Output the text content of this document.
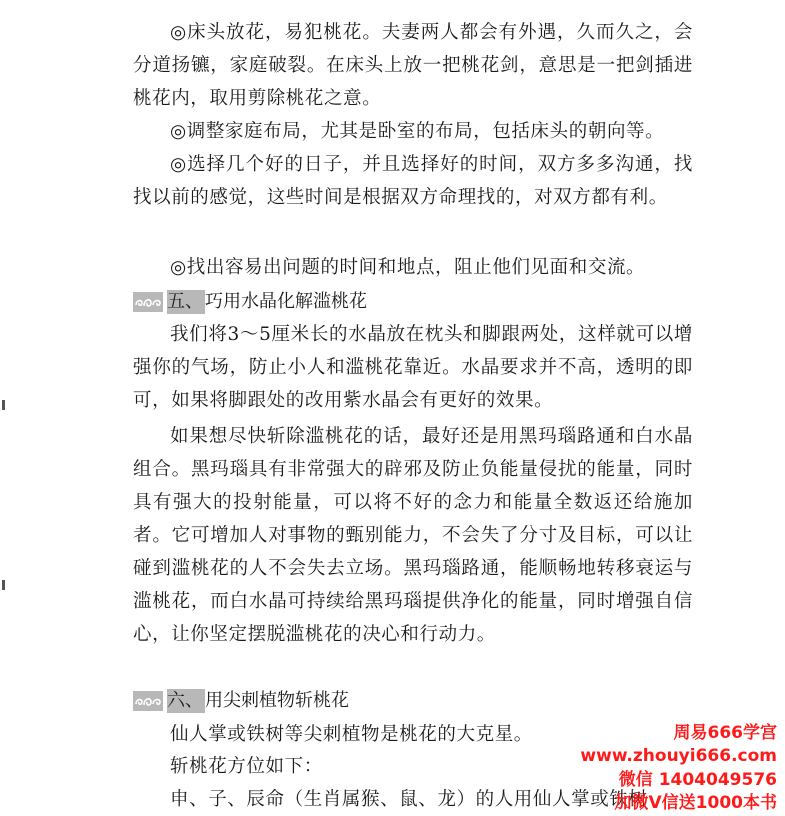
◎床头放花，易犯桃花。夫妻两人都会有外遇，久而久之，会分道扬镳，家庭破裂。在床头上放一把桃花剑，意思是一把剑插进桃花内，取用剪除桃花之意。

◎调整家庭布局，尤其是卧室的布局，包括床头的朝向等。

◎选择几个好的日子，并且选择好的时间，双方多多沟通，找找以前的感觉，这些时间是根据双方命理找的，对双方都有利。

◎找出容易出问题的时间和地点，阻止他们见面和交流。

五、 巧用水晶化解滥桃花

我们将3～5厘米长的水晶放在枕头和脚跟两处，这样就可以增强你的气场，防止小人和滥桃花靠近。水晶要求并不高，透明的即可，如果将脚跟处的改用紫水晶会有更好的效果。

如果想尽快斩除滥桃花的话，最好还是用黑玛瑙路通和白水晶组合。黑玛瑙具有非常强大的辟邪及防止负能量侵扰的能量，同时具有强大的投射能量，可以将不好的念力和能量全数返还给施加者。它可增加人对事物的甄别能力，不会失了分寸及目标，可以让碰到滥桃花的人不会失去立场。黑玛瑙路通，能顺畅地转移衰运与滥桃花，而白水晶可持续给黑玛瑙提供净化的能量，同时增强自信心，让你坚定摆脱滥桃花的决心和行动力。

六、 用尖刺植物斩桃花

仙人掌或铁树等尖刺植物是桃花的大克星。

斩桃花方位如下：

申、子、辰命（生肖属猴、鼠、龙）的人用仙人掌或铁树

周易666学宫

www.zhouyi666.com

微信 1404049576

加微V信送1000本书
